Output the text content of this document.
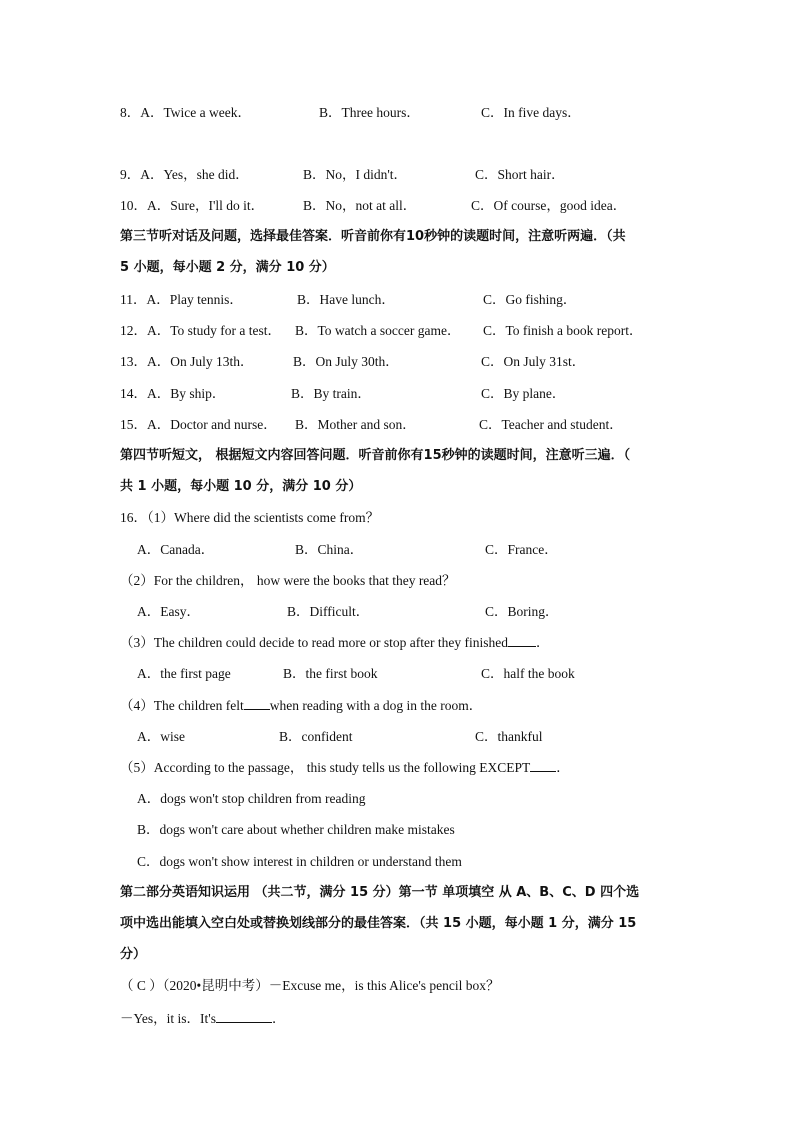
8．A．Twice a week．	B．Three hours．	C．In five days．
9．A．Yes，she did．	B．No，I didn't．	C．Short hair．
10．A．Sure，I'll do it．	B．No，not at all．	C．Of course，good idea．
第三节听对话及问题，选择最佳答案．听音前你有10秒钟的读题时间，注意听两遍．（共
5 小题，每小题 2 分，满分 10 分）
11．A．Play tennis．	B．Have lunch．	C．Go fishing．
12．A．To study for a test． B．To watch a soccer game． C．To finish a book report．
13．A．On July 13th．	B．On July 30th．	C．On July 31st．
14．A．By ship．	B．By train．	C．By plane．
15．A．Doctor and nurse． B．Mother and son．	C．Teacher and student．
第四节听短文， 根据短文内容回答问题．听音前你有15秒钟的读题时间，注意听三遍．（
共 1 小题，每小题 10 分，满分 10 分）
16．（1）Where did the scientists come from？
A．Canada．	B．China．	C．France．
（2）For the children， how were the books that they read？
A．Easy．	B．Difficult．	C．Boring．
（3）The children could decide to read more or stop after they finished ．
A．the first page	B．the first book	C．half the book
（4）The children felt when reading with a dog in the room．
A．wise	B．confident	C．thankful
（5）According to the passage， this study tells us the following EXCEPT ．
A．dogs won't stop children from reading
B．dogs won't care about whether children make mistakes
C．dogs won't show interest in children or understand them
第二部分英语知识运用 （共二节，满分 15 分）第一节 单项填空 从 A、B、C、D 四个选
项中选出能填入空白处或替换划线部分的最佳答案．（共 15 小题，每小题 1 分，满分 15
分）
（ C ）（2020•昆明中考）－Excuse me，is this Alice's pencil box？
－Yes，it is．It's	．
